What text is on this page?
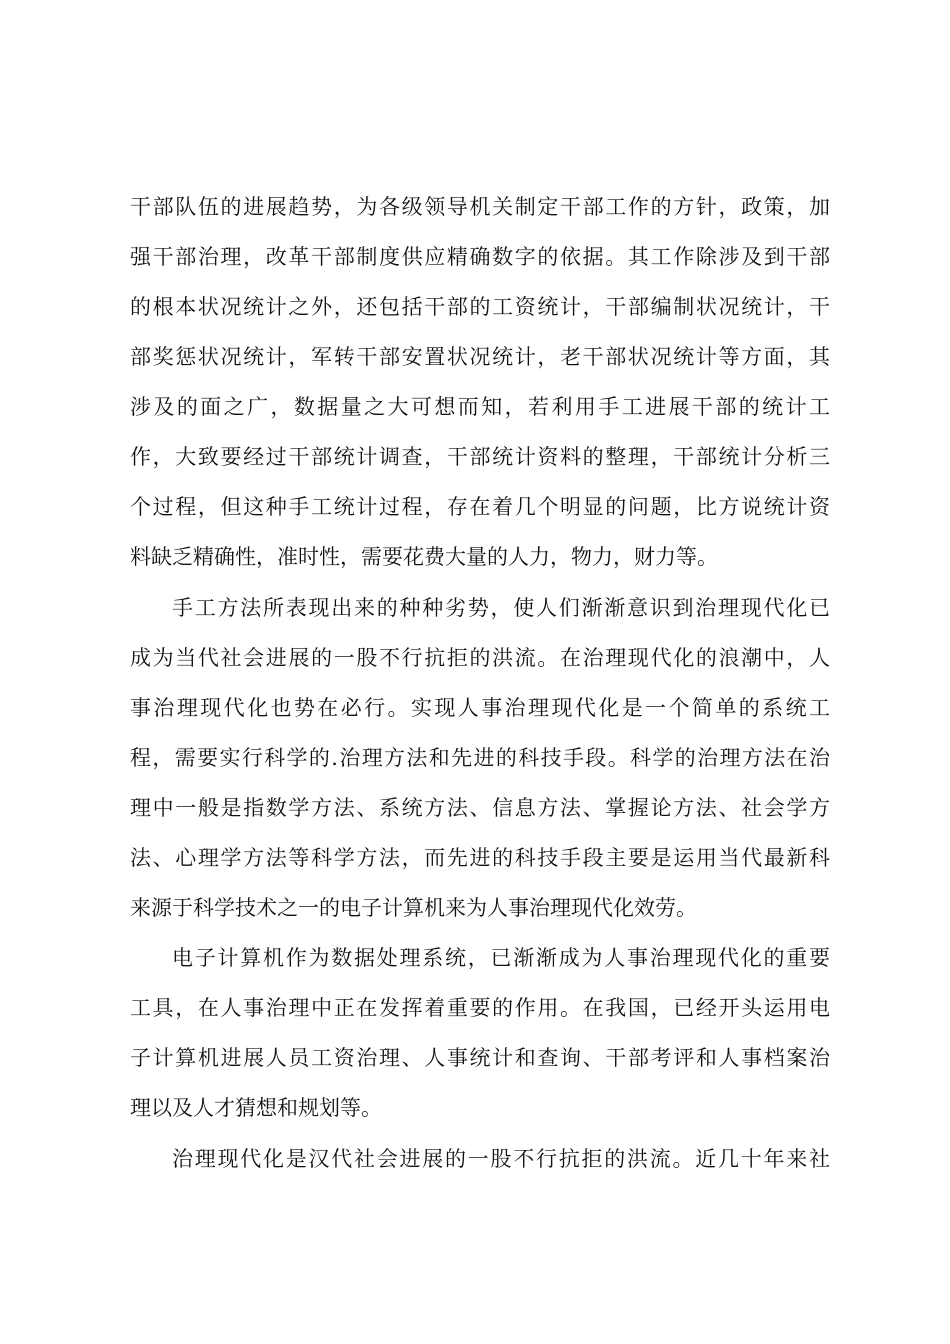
干部队伍的进展趋势，为各级领导机关制定干部工作的方针，政策，加
强干部治理，改革干部制度供应精确数字的依据。其工作除涉及到干部
的根本状况统计之外，还包括干部的工资统计，干部编制状况统计，干
部奖惩状况统计，军转干部安置状况统计，老干部状况统计等方面，其
涉及的面之广，数据量之大可想而知，若利用手工进展干部的统计工
作，大致要经过干部统计调查，干部统计资料的整理，干部统计分析三
个过程，但这种手工统计过程，存在着几个明显的问题，比方说统计资
料缺乏精确性，准时性，需要花费大量的人力，物力，财力等。
手工方法所表现出来的种种劣势，使人们渐渐意识到治理现代化已
成为当代社会进展的一股不行抗拒的洪流。在治理现代化的浪潮中，人
事治理现代化也势在必行。实现人事治理现代化是一个简单的系统工
程，需要实行科学的.治理方法和先进的科技手段。科学的治理方法在治
理中一般是指数学方法、系统方法、信息方法、掌握论方法、社会学方
法、心理学方法等科学方法，而先进的科技手段主要是运用当代最新科
来源于科学技术之一的电子计算机来为人事治理现代化效劳。
电子计算机作为数据处理系统，已渐渐成为人事治理现代化的重要
工具，在人事治理中正在发挥着重要的作用。在我国，已经开头运用电
子计算机进展人员工资治理、人事统计和查询、干部考评和人事档案治
理以及人才猜想和规划等。
治理现代化是汉代社会进展的一股不行抗拒的洪流。近几十年来社
